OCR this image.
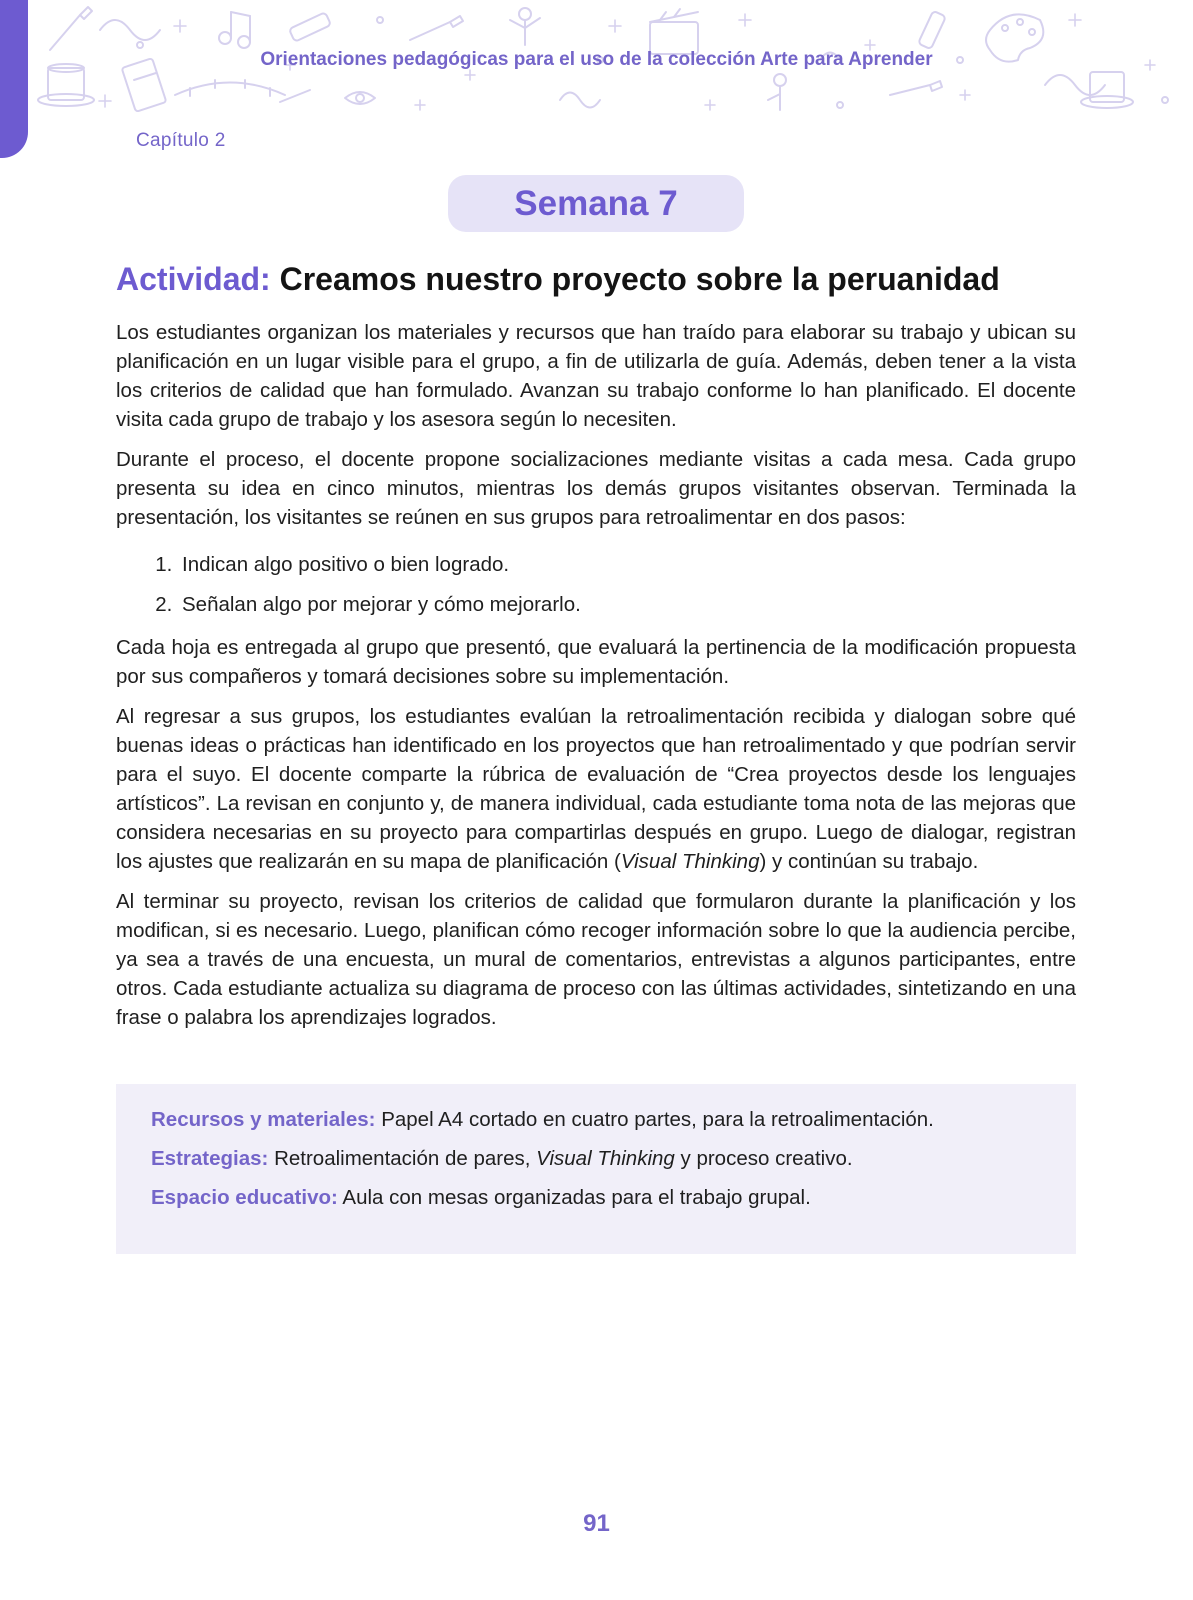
Orientaciones pedagógicas para el uso de la colección Arte para Aprender
Capítulo 2
Semana 7
Actividad: Creamos nuestro proyecto sobre la peruanidad

Los estudiantes organizan los materiales y recursos que han traído para elaborar su trabajo y ubican su planificación en un lugar visible para el grupo, a fin de utilizarla de guía. Además, deben tener a la vista los criterios de calidad que han formulado. Avanzan su trabajo conforme lo han planificado. El docente visita cada grupo de trabajo y los asesora según lo necesiten.

Durante el proceso, el docente propone socializaciones mediante visitas a cada mesa. Cada grupo presenta su idea en cinco minutos, mientras los demás grupos visitantes observan. Terminada la presentación, los visitantes se reúnen en sus grupos para retroalimentar en dos pasos:

1. Indican algo positivo o bien logrado.
2. Señalan algo por mejorar y cómo mejorarlo.

Cada hoja es entregada al grupo que presentó, que evaluará la pertinencia de la modificación propuesta por sus compañeros y tomará decisiones sobre su implementación.

Al regresar a sus grupos, los estudiantes evalúan la retroalimentación recibida y dialogan sobre qué buenas ideas o prácticas han identificado en los proyectos que han retroalimentado y que podrían servir para el suyo. El docente comparte la rúbrica de evaluación de “Crea proyectos desde los lenguajes artísticos”. La revisan en conjunto y, de manera individual, cada estudiante toma nota de las mejoras que considera necesarias en su proyecto para compartirlas después en grupo. Luego de dialogar, registran los ajustes que realizarán en su mapa de planificación (Visual Thinking) y continúan su trabajo.

Al terminar su proyecto, revisan los criterios de calidad que formularon durante la planificación y los modifican, si es necesario. Luego, planifican cómo recoger información sobre lo que la audiencia percibe, ya sea a través de una encuesta, un mural de comentarios, entrevistas a algunos participantes, entre otros. Cada estudiante actualiza su diagrama de proceso con las últimas actividades, sintetizando en una frase o palabra los aprendizajes logrados.

Recursos y materiales: Papel A4 cortado en cuatro partes, para la retroalimentación.
Estrategias: Retroalimentación de pares, Visual Thinking y proceso creativo.
Espacio educativo: Aula con mesas organizadas para el trabajo grupal.
91
